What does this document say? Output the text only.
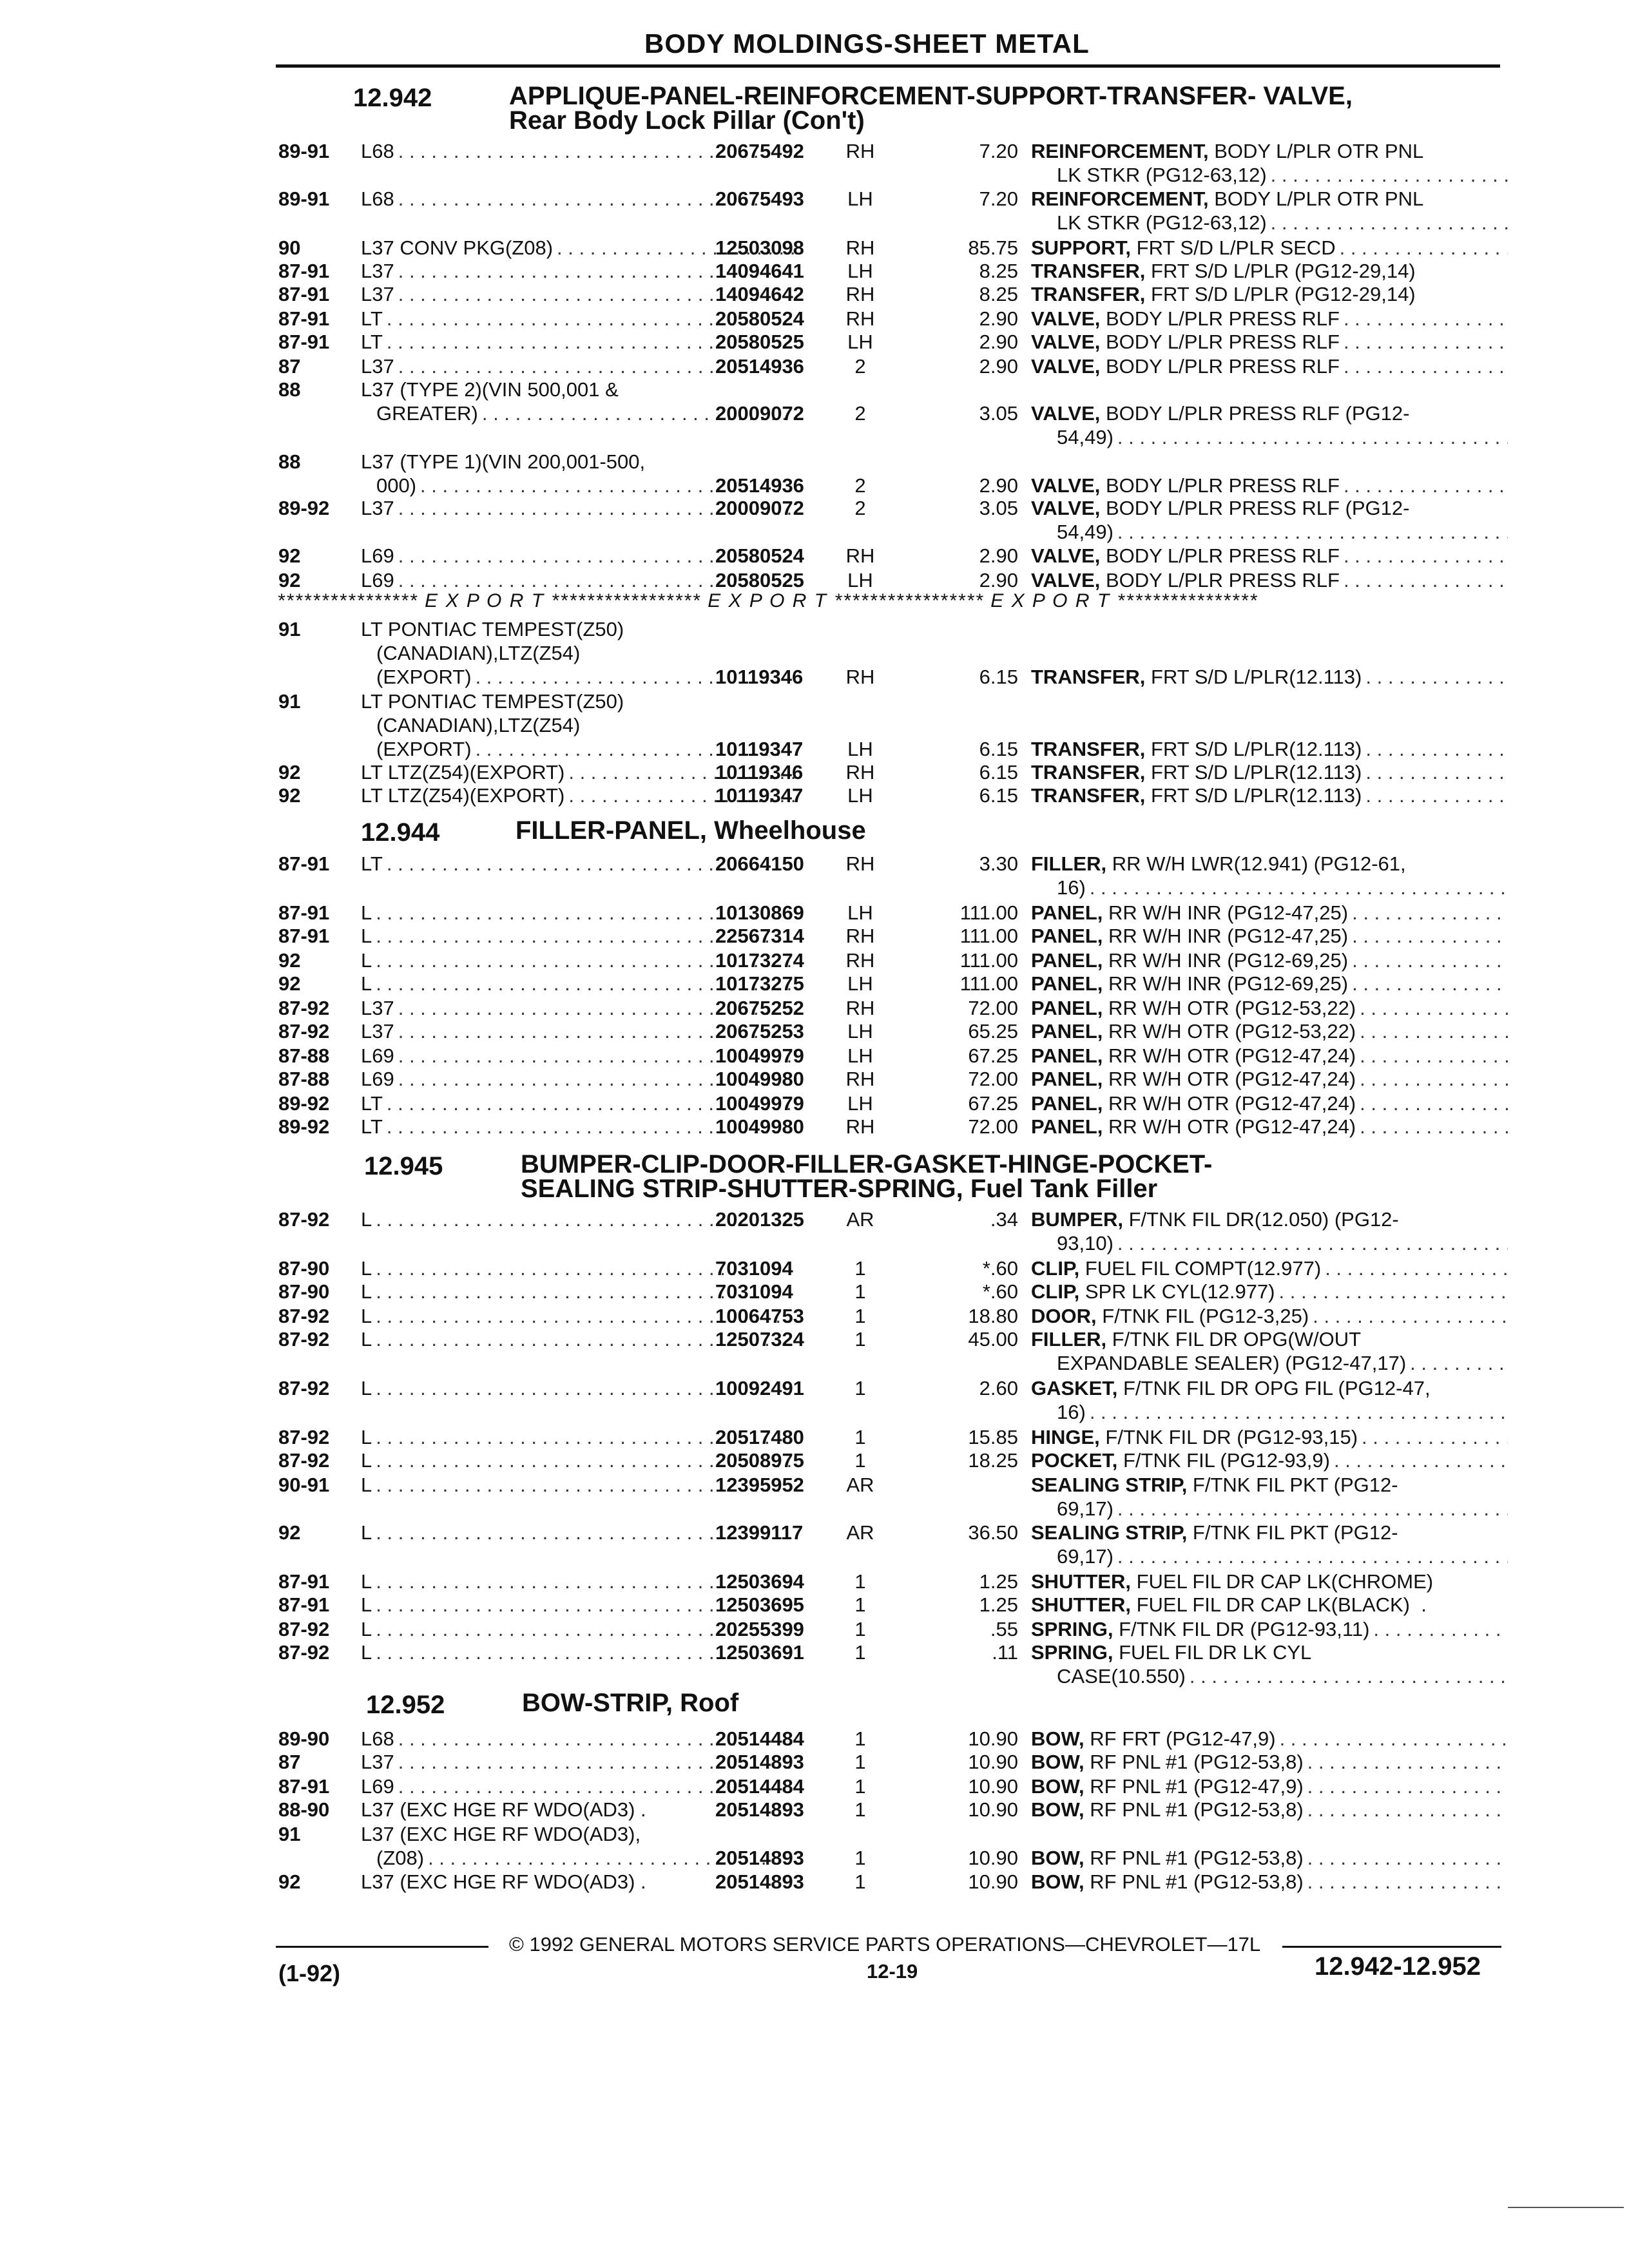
BODY MOLDINGS-SHEET METAL
12.942	APPLIQUE-PANEL-REINFORCEMENT-SUPPORT-TRANSFER- VALVE,
Rear Body Lock Pillar (Con't)
89-91 L68 . . .	20675492	RH	7.20 REINFORCEMENT, BODY L/PLR OTR PNL
LK STKR (PG12-63,12)
. . .
89-91 L68 . . .	20675493	LH	7.20 REINFORCEMENT, BODY L/PLR OTR PNL
LK STKR (PG12-63,12)
. . .
90	L37 CONV PKG(Z08) . . .	12503098	RH	85.75 SUPPORT, FRT S/D L/PLR SECD
. . .
87-91 L37 . . .	14094641	LH	8.25 TRANSFER, FRT S/D L/PLR (PG12-29,14)
87-91 L37 . . .	14094642	RH	8.25 TRANSFER, FRT S/D L/PLR (PG12-29,14)
87-91 LT . . .	20580524	RH	2.90 VALVE, BODY L/PLR PRESS RLF
. . .
87-91 LT . . .	20580525	LH	2.90 VALVE, BODY L/PLR PRESS RLF
. . .
87	L37 . . .	20514936	2	2.90 VALVE, BODY L/PLR PRESS RLF
. . .
88	L37 (TYPE 2)(VIN 500,001 &
GREATER) . . .	20009072	2	3.05 VALVE, BODY L/PLR PRESS RLF (PG12-
54,49)
. . .
88	L37 (TYPE 1)(VIN 200,001-500,
000) . . .	20514936	2	2.90 VALVE, BODY L/PLR PRESS RLF
. . .
89-92 L37 . . .	20009072	2	3.05 VALVE, BODY L/PLR PRESS RLF (PG12-
54,49)
. . .
92	L69 . . .	20580524	RH	2.90 VALVE, BODY L/PLR PRESS RLF
. . .
92	L69 . . .	20580525	LH	2.90 VALVE, BODY L/PLR PRESS RLF
. . .
**************** E X P O R T ***************** E X P O R T ***************** E X P O R T ****************
91	LT PONTIAC TEMPEST(Z50)
(CANADIAN),LTZ(Z54)
(EXPORT) . . .	10119346	RH	6.15 TRANSFER, FRT S/D L/PLR(12.113)
. . .
91	LT PONTIAC TEMPEST(Z50)
(CANADIAN),LTZ(Z54)
(EXPORT) . . .	10119347	LH	6.15 TRANSFER, FRT S/D L/PLR(12.113)
. . .
92	LT LTZ(Z54)(EXPORT) . . .	10119346	RH	6.15 TRANSFER, FRT S/D L/PLR(12.113)
. . .
92	LT LTZ(Z54)(EXPORT) . . .	10119347	LH	6.15 TRANSFER, FRT S/D L/PLR(12.113)
. . .
12.944	FILLER-PANEL, Wheelhouse
87-91 LT . . .	20664150	RH	3.30 FILLER, RR W/H LWR(12.941) (PG12-61,
16)
. . .
87-91 L . . .	10130869	LH	111.00 PANEL, RR W/H INR (PG12-47,25)
. . .
87-91 L . . .	22567314	RH	111.00 PANEL, RR W/H INR (PG12-47,25)
. . .
92	L . . .	10173274	RH	111.00 PANEL, RR W/H INR (PG12-69,25)
. . .
92	L . . .	10173275	LH	111.00 PANEL, RR W/H INR (PG12-69,25)
. . .
87-92 L37 . . .	20675252	RH	72.00 PANEL, RR W/H OTR (PG12-53,22)
. . .
87-92 L37 . . .	20675253	LH	65.25 PANEL, RR W/H OTR (PG12-53,22)
. . .
87-88 L69 . . .	10049979	LH	67.25 PANEL, RR W/H OTR (PG12-47,24)
. . .
87-88 L69 . . .	10049980	RH	72.00 PANEL, RR W/H OTR (PG12-47,24)
. . .
89-92 LT . . .	10049979	LH	67.25 PANEL, RR W/H OTR (PG12-47,24)
. . .
89-92 LT . . .	10049980	RH	72.00 PANEL, RR W/H OTR (PG12-47,24)
. . .
12.945	BUMPER-CLIP-DOOR-FILLER-GASKET-HINGE-POCKET-
SEALING STRIP-SHUTTER-SPRING, Fuel Tank Filler
87-92 L . . .	20201325	AR	.34 BUMPER, F/TNK FIL DR(12.050) (PG12-
93,10)
. . .
87-90 L . . .	7031094	1	*.60 CLIP, FUEL FIL COMPT(12.977)
. . .
87-90 L . . .	7031094	1	*.60 CLIP, SPR LK CYL(12.977)
. . .
87-92 L . . .	10064753	1	18.80 DOOR, F/TNK FIL (PG12-3,25)
. . .
87-92 L . . .	12507324	1	45.00 FILLER, F/TNK FIL DR OPG(W/OUT
EXPANDABLE SEALER) (PG12-47,17)
. . .
87-92 L . . .	10092491	1	2.60 GASKET, F/TNK FIL DR OPG FIL (PG12-47,
16)
. . .
87-92 L . . .	20517480	1	15.85 HINGE, F/TNK FIL DR (PG12-93,15)
. . .
87-92 L . . .	20508975	1	18.25 POCKET, F/TNK FIL (PG12-93,9)
. . .
90-91 L . . .	12395952	AR	SEALING STRIP, F/TNK FIL PKT (PG12-
69,17)
. . .
92	L . . .	12399117	AR	36.50 SEALING STRIP, F/TNK FIL PKT (PG12-
69,17)
. . .
87-91 L . . .	12503694	1	1.25 SHUTTER, FUEL FIL DR CAP LK(CHROME)
87-91 L . . .	12503695	1	1.25 SHUTTER, FUEL FIL DR CAP LK(BLACK)  .
87-92 L . . .	20255399	1	.55 SPRING, F/TNK FIL DR (PG12-93,11)
. . .
87-92 L . . .	12503691	1	.11 SPRING, FUEL FIL DR LK CYL
CASE(10.550)
. . .
12.952	BOW-STRIP, Roof
89-90 L68 . . .	20514484	1	10.90 BOW, RF FRT (PG12-47,9)
. . .
87	L37 . . .	20514893	1	10.90 BOW, RF PNL #1 (PG12-53,8)
. . .
87-91 L69 . . .	20514484	1	10.90 BOW, RF PNL #1 (PG12-47,9)
. . .
88-90 L37 (EXC HGE RF WDO(AD3) .	20514893	1	10.90 BOW, RF PNL #1 (PG12-53,8)
. . .
91	L37 (EXC HGE RF WDO(AD3),
(Z08) . . .	20514893	1	10.90 BOW, RF PNL #1 (PG12-53,8)
. . .
92	L37 (EXC HGE RF WDO(AD3) .	20514893	1	10.90 BOW, RF PNL #1 (PG12-53,8)
. . .
© 1992 GENERAL MOTORS SERVICE PARTS OPERATIONS—CHEVROLET—17L
(1-92)	12-19	12.942-12.952
